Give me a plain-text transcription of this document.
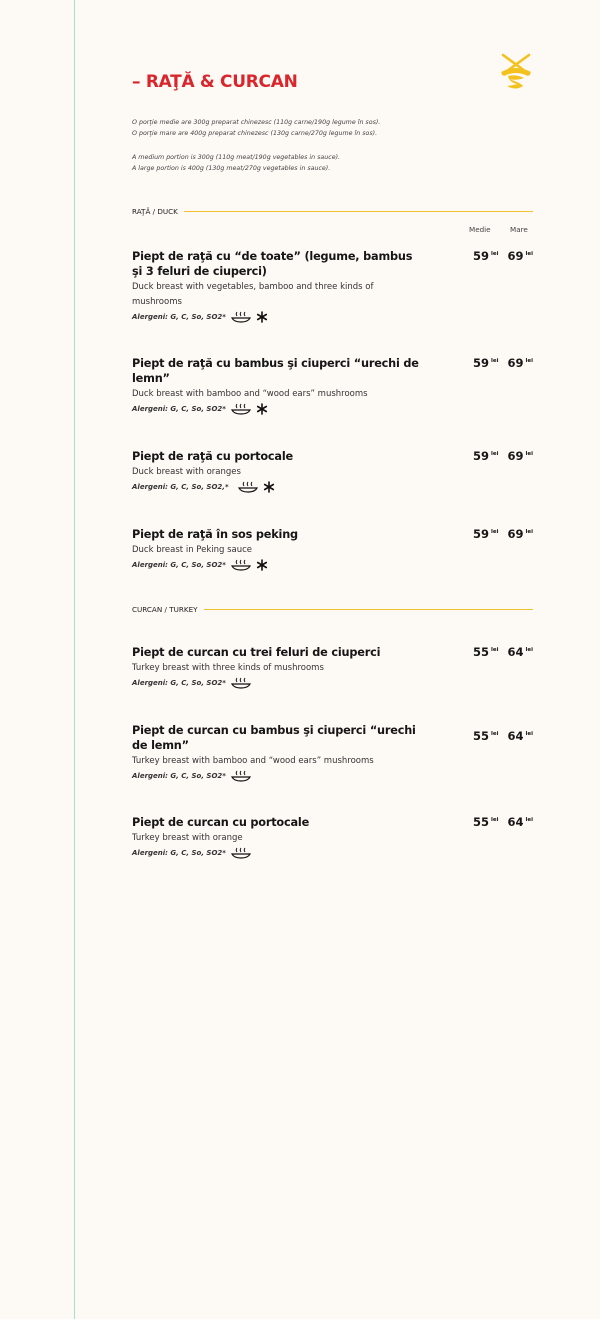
– RAŢĂ & CURCAN
O porţie medie are 300g preparat chinezesc (110g carne/190g legume în sos).
O porţie mare are 400g preparat chinezesc (130g carne/270g legume în sos).
A medium portion is 300g (110g meat/190g vegetables in sauce).
A large portion is 400g (130g meat/270g vegetables in sauce).
RAŢĂ / DUCK
Medie	Mare
Piept de raţă cu “de toate” (legume, bambus şi 3 feluri de ciuperci)
Duck breast with vegetables, bamboo and three kinds of mushrooms
Alergeni: G, C, So, SO2*
59 $^{lei}$ 69 $^{lei}$
Piept de raţă cu bambus şi ciuperci “urechi de lemn”
Duck breast with bamboo and “wood ears” mushrooms
Alergeni: G, C, So, SO2*
59 $^{lei}$ 69 $^{lei}$
Piept de raţă cu portocale
Duck breast with oranges
Alergeni: G, C, So, SO2,*
59 $^{lei}$ 69 $^{lei}$
Piept de raţă în sos peking
Duck breast in Peking sauce
Alergeni: G, C, So, SO2*
59 $^{lei}$ 69 $^{lei}$
CURCAN / TURKEY
Piept de curcan cu trei feluri de ciuperci
Turkey breast with three kinds of mushrooms
Alergeni: G, C, So, SO2*
55 $^{lei}$ 64 $^{lei}$
Piept de curcan cu bambus şi ciuperci “urechi de lemn”
Turkey breast with bamboo and “wood ears” mushrooms
Alergeni: G, C, So, SO2*
55 $^{lei}$ 64 $^{lei}$
Piept de curcan cu portocale
Turkey breast with orange
Alergeni: G, C, So, SO2*
55 $^{lei}$ 64 $^{lei}$
